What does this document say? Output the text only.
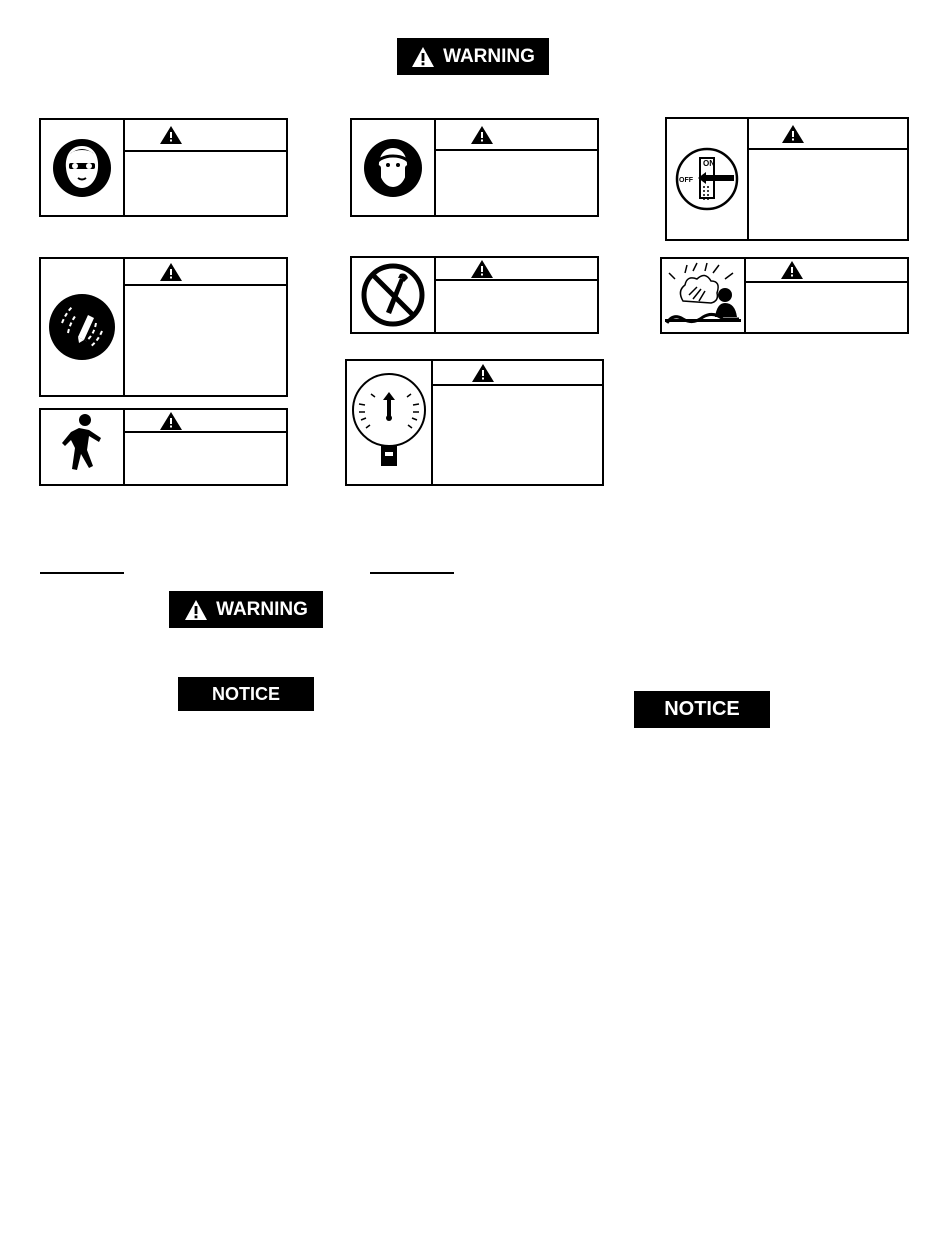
WARNING
ON
OFF
WARNING
NOTICE
NOTICE
